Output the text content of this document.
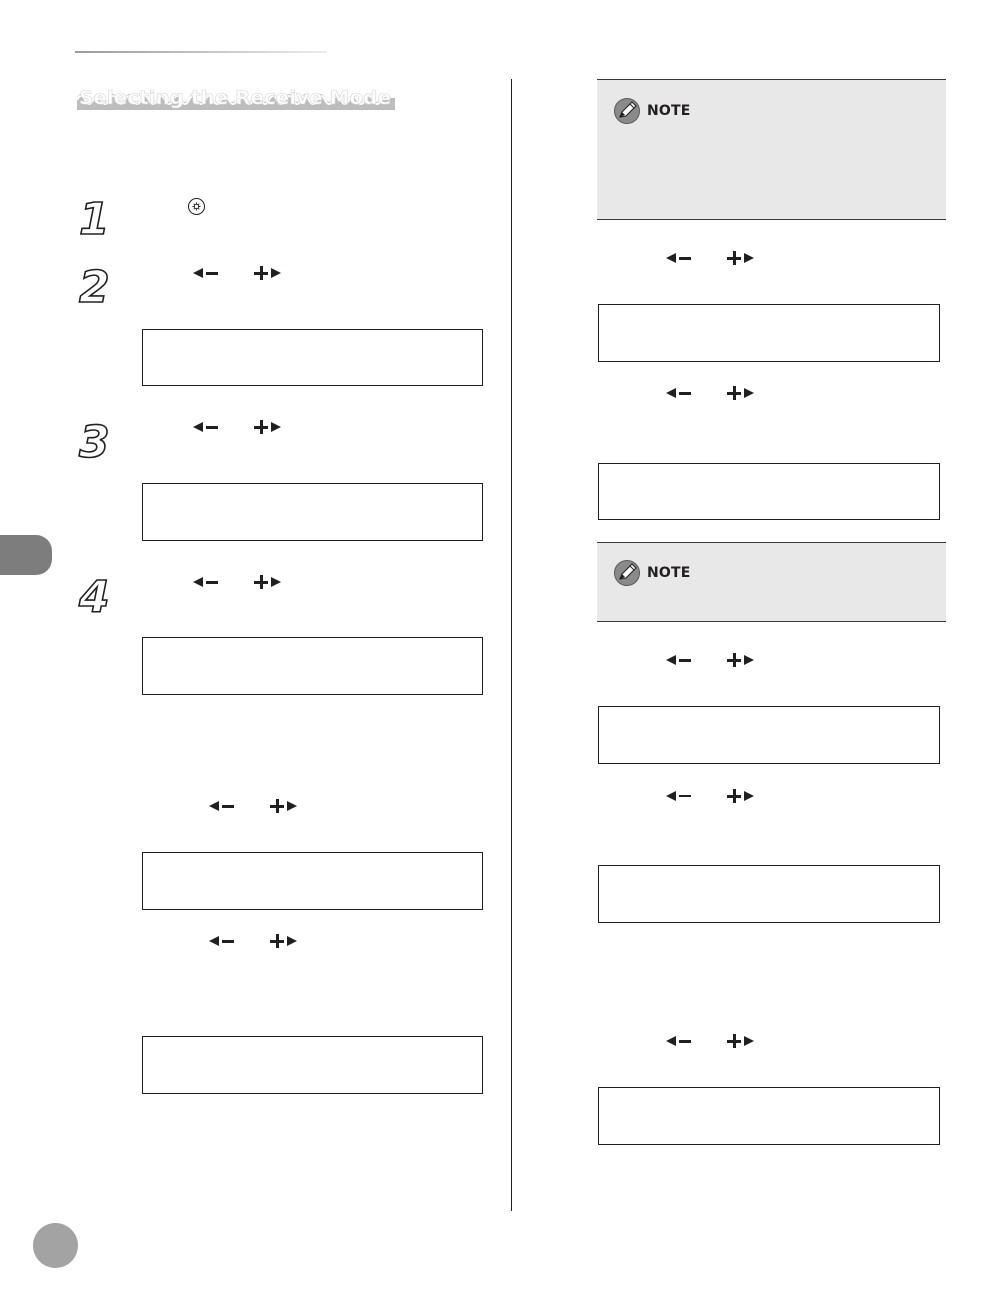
Selecting the Receive Mode
1
2
3
4
NOTE
NOTE
